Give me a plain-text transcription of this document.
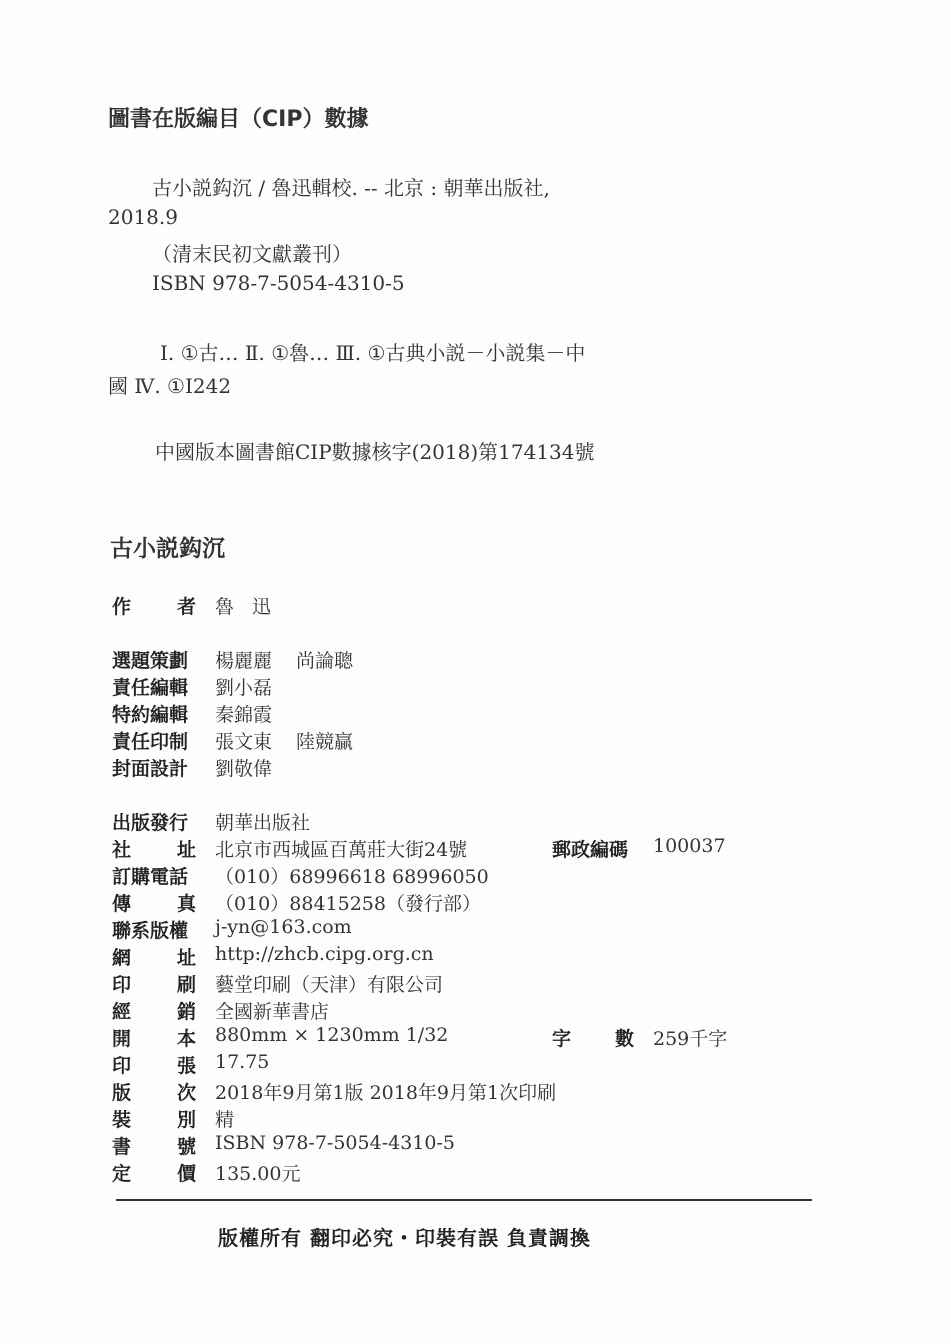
圖書在版編目（CIP）數據
古小説鈎沉 / 魯迅輯校. -- 北京 : 朝華出版社,
2018.9
（清末民初文獻叢刊）
ISBN 978-7-5054-4310-5
Ⅰ. ①古… Ⅱ. ①魯… Ⅲ. ①古典小説－小説集－中
國 Ⅳ. ①I242
中國版本圖書館CIP數據核字(2018)第174134號
古小説鈎沉
作 者 魯 迅
選題策劃 楊麗麗 尚論聰
責任編輯 劉小磊
特約編輯 秦錦霞
責任印制 張文東 陸競贏
封面設計 劉敬偉
出版發行 朝華出版社
社 址 北京市西城區百萬莊大街24號	郵政編碼 100037
訂購電話 （010）68996618 68996050
傳 真 （010）88415258（發行部）
聯系版權 j-yn@163.com
網 址 http://zhcb.cipg.org.cn
印 刷 藝堂印刷（天津）有限公司
經 銷 全國新華書店
開 本 880mm × 1230mm 1/32	字 數 259千字
印 張 17.75
版 次 2018年9月第1版 2018年9月第1次印刷
裝 別 精
書 號 ISBN 978-7-5054-4310-5
定 價 135.00元
版權所有 翻印必究・印裝有誤 負責調換
